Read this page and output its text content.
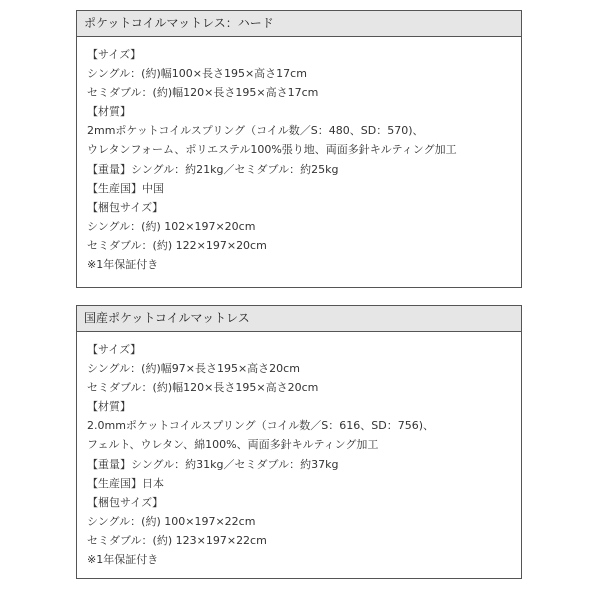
ポケットコイルマットレス：ハード
【サイズ】
シングル：(約)幅100×長さ195×高さ17cm
セミダブル：(約)幅120×長さ195×高さ17cm
【材質】
2mmポケットコイルスプリング（コイル数／S：480、SD：570)、
ウレタンフォーム、ポリエステル100%張り地、両面多針キルティング加工
【重量】シングル：約21kg／セミダブル：約25kg
【生産国】中国
【梱包サイズ】
シングル：(約) 102×197×20cm
セミダブル：(約) 122×197×20cm
※1年保証付き
国産ポケットコイルマットレス
【サイズ】
シングル：(約)幅97×長さ195×高さ20cm
セミダブル：(約)幅120×長さ195×高さ20cm
【材質】
2.0mmポケットコイルスプリング（コイル数／S：616、SD：756)、
フェルト、ウレタン、綿100%、両面多針キルティング加工
【重量】シングル：約31kg／セミダブル：約37kg
【生産国】日本
【梱包サイズ】
シングル：(約) 100×197×22cm
セミダブル：(約) 123×197×22cm
※1年保証付き
